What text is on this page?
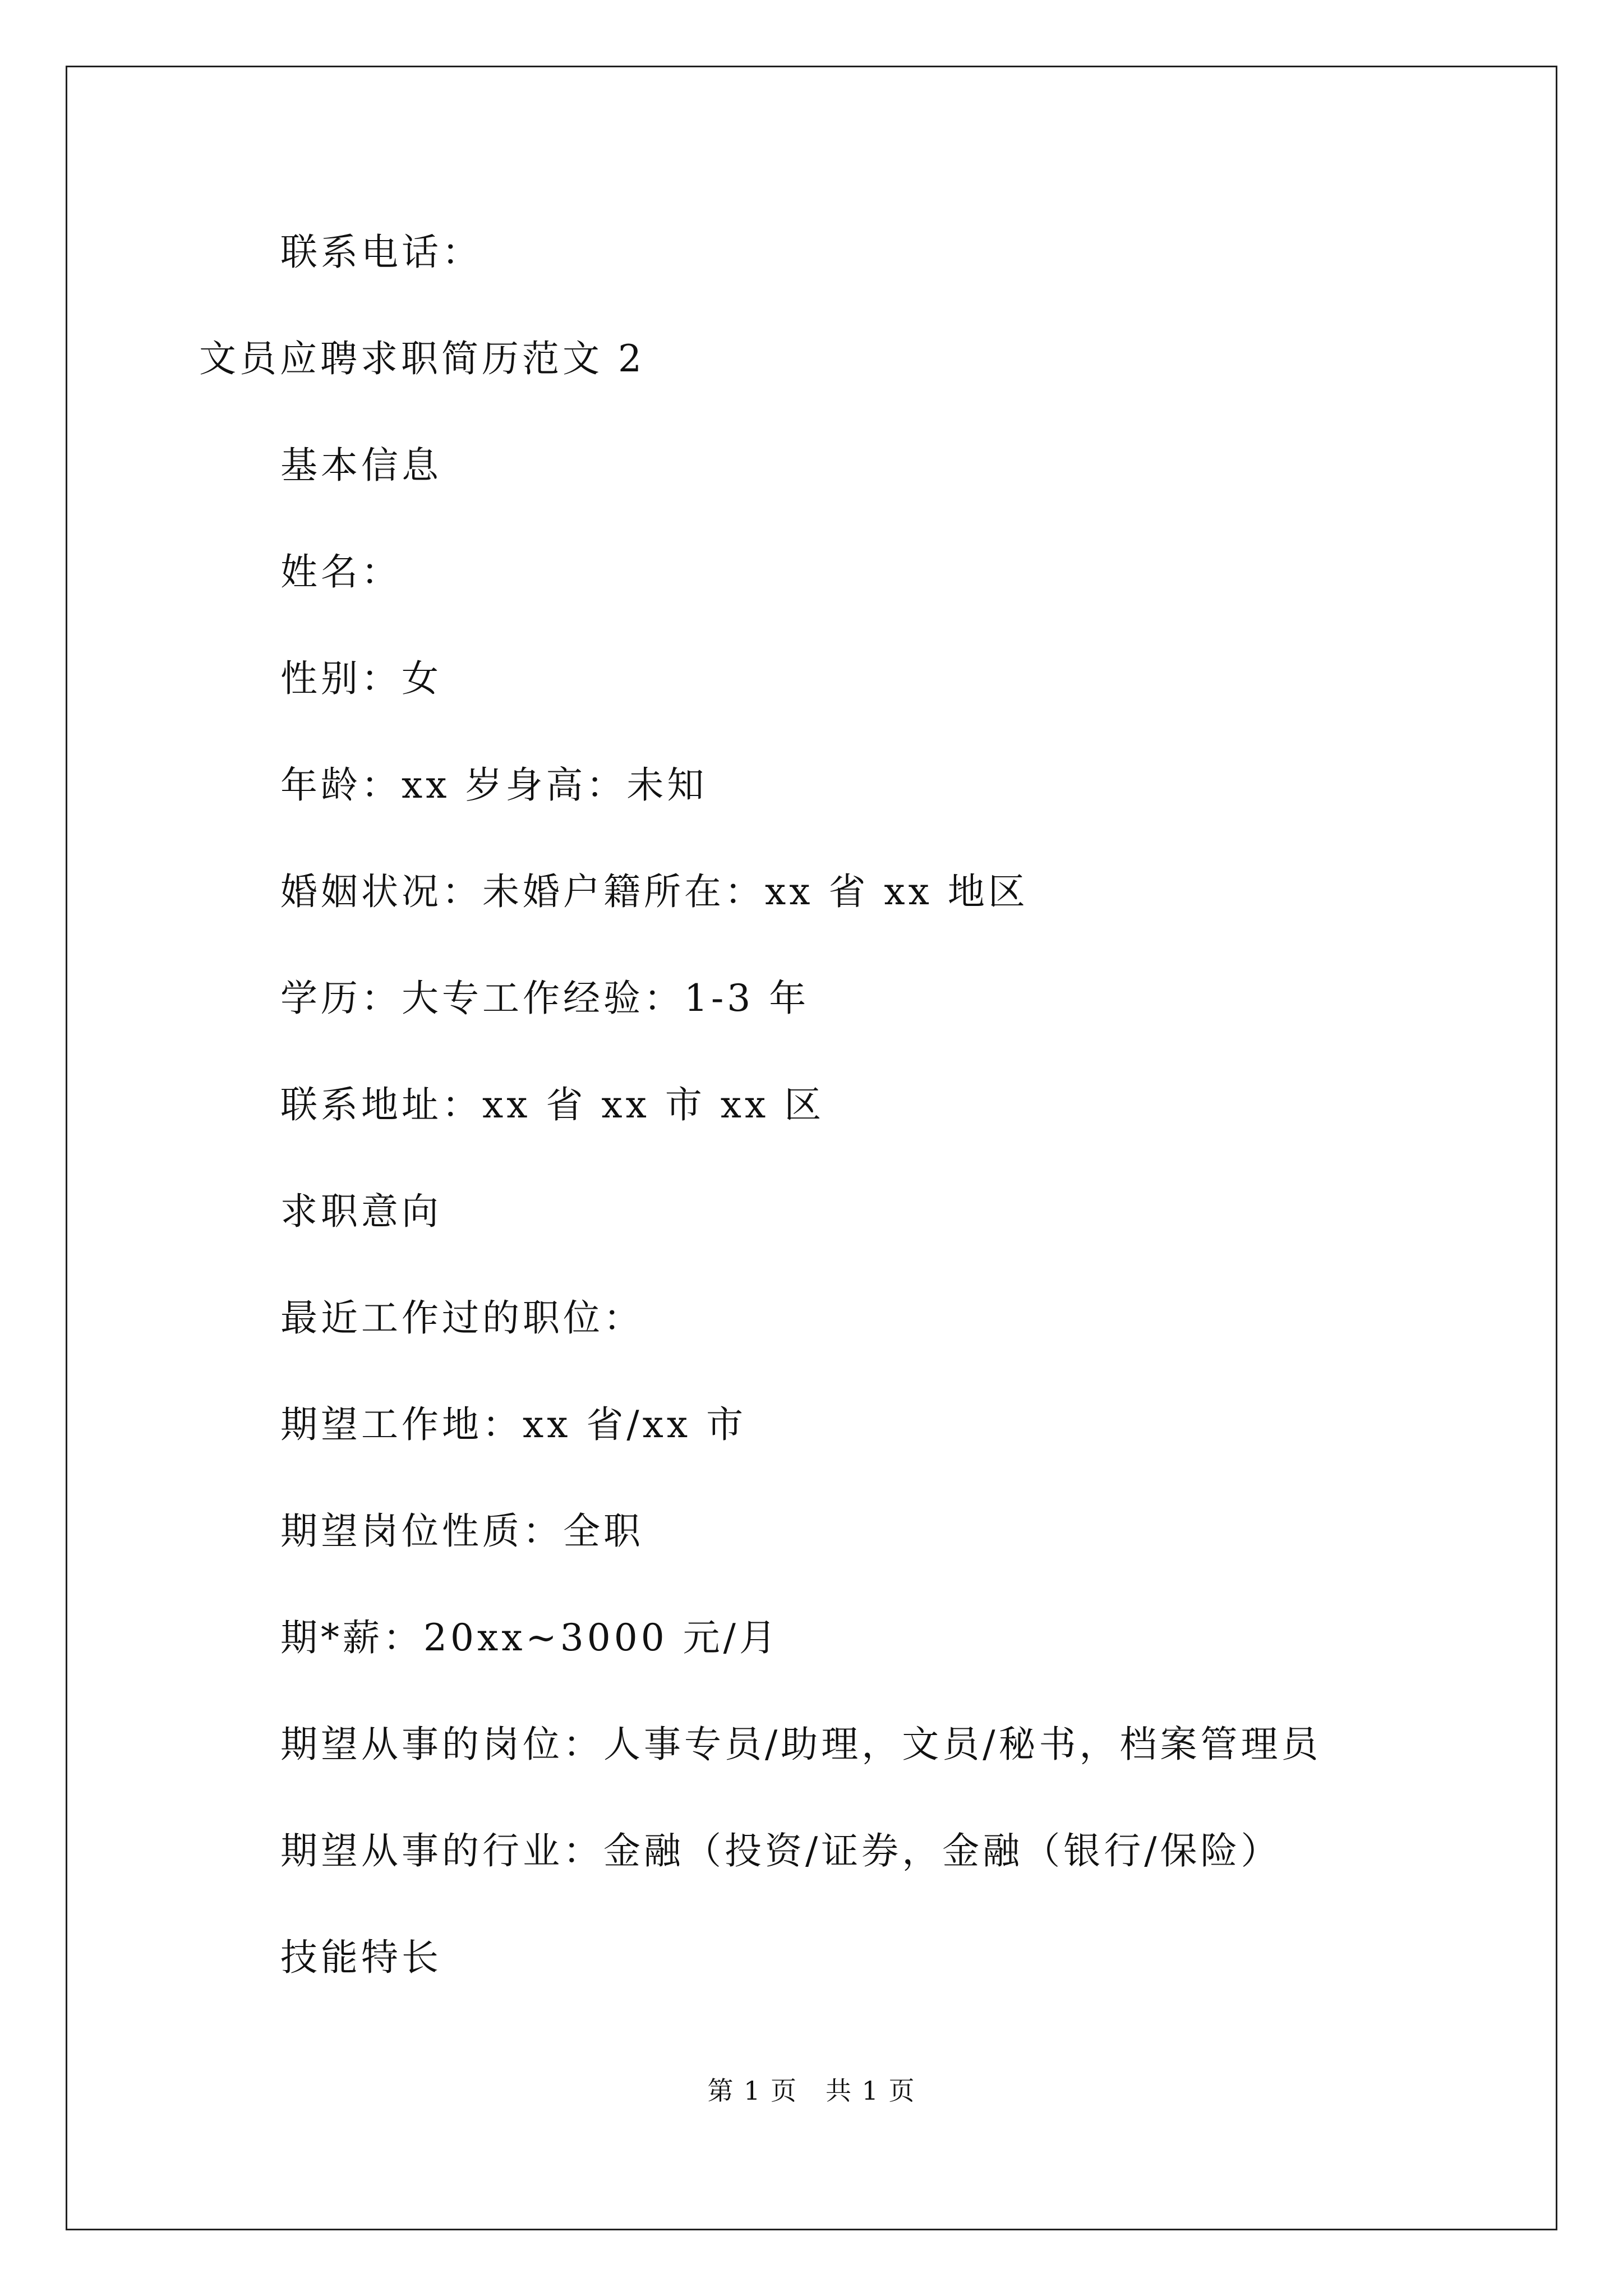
联系电话：
文员应聘求职简历范文 2
基本信息
姓名：
性别：女
年龄：xx 岁身高：未知
婚姻状况：未婚户籍所在：xx 省 xx 地区
学历：大专工作经验：1-3 年
联系地址：xx 省 xx 市 xx 区
求职意向
最近工作过的职位：
期望工作地：xx 省/xx 市
期望岗位性质：全职
期*薪：20xx~3000 元/月
期望从事的岗位：人事专员/助理，文员/秘书，档案管理员
期望从事的行业：金融（投资/证券，金融（银行/保险）
技能特长
第 1 页 共 1 页
